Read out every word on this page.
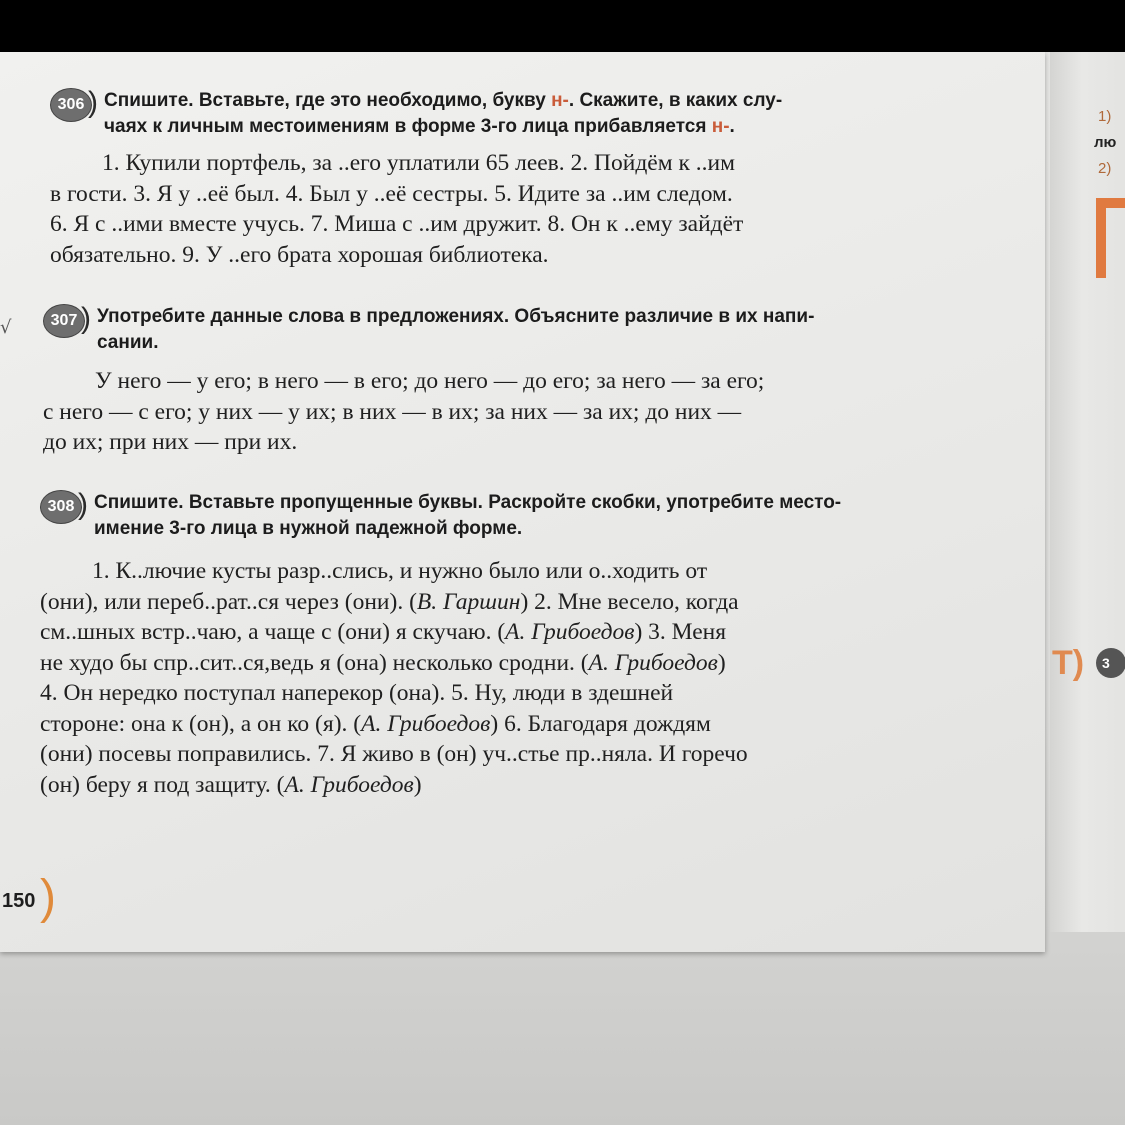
√
306 ) Спишите. Вставьте, где это необходимо, букву н-. Скажите, в каких слу-
чаях к личным местоимениям в форме 3-го лица прибавляется н-.

1. Купили портфель, за ..его уплатили 65 леев. 2. Пойдём к ..им
в гости. 3. Я у ..её был. 4. Был у ..её сестры. 5. Идите за ..им следом.
6. Я с ..ими вместе учусь. 7. Миша с ..им дружит. 8. Он к ..ему зайдёт
обязательно. 9. У ..его брата хорошая библиотека.

307 ) Употребите данные слова в предложениях. Объясните различие в их напи-
сании.

У него — у его; в него — в его; до него — до его; за него — за его;
с него — с его; у них — у их; в них — в их; за них — за их; до них —
до их; при них — при их.

308 ) Спишите. Вставьте пропущенные буквы. Раскройте скобки, употребите место-
имение 3-го лица в нужной падежной форме.

1. К..лючие кусты разр..слись, и нужно было или о..ходить от
(они), или переб..рат..ся через (они). (В. Гаршин) 2. Мне весело, когда
см..шных встр..чаю, а чаще с (они) я скучаю. (А. Грибоедов) 3. Меня
не худо бы спр..сит..ся,ведь я (она) несколько сродни. (А. Грибоедов)
4. Он нередко поступал наперекор (она). 5. Ну, люди в здешней
стороне: она к (он), а он ко (я). (А. Грибоедов) 6. Благодаря дождям
(они) посевы поправились. 7. Я живо в (он) уч..стье пр..няла. И горечо
(он) беру я под защиту. (А. Грибоедов)

150 )
1)
лю
2)
Т)	3
